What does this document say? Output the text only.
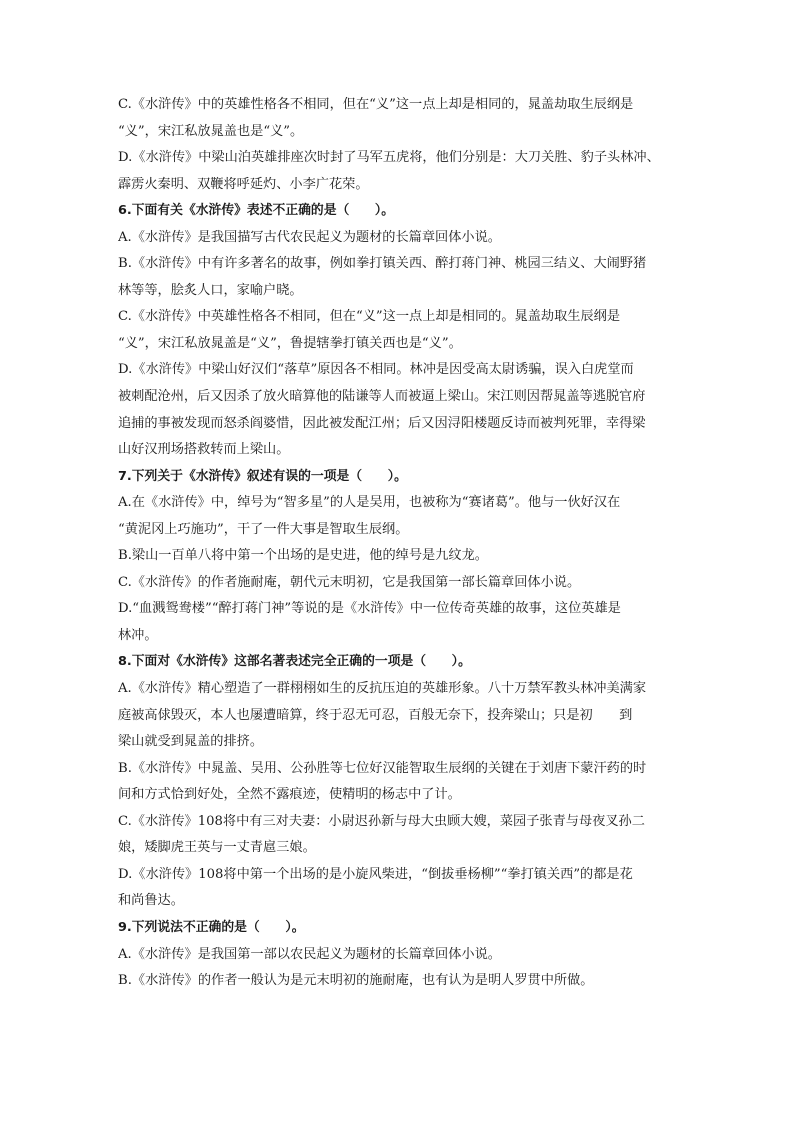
C.《水浒传》中的英雄性格各不相同，但在“义”这一点上却是相同的，晁盖劫取生辰纲是
“义”，宋江私放晁盖也是“义”。
D.《水浒传》中梁山泊英雄排座次时封了马军五虎将，他们分别是：大刀关胜、豹子头林冲、
霹雳火秦明、双鞭将呼延灼、小李广花荣。
6.下面有关《水浒传》表述不正确的是（　　）。
A.《水浒传》是我国描写古代农民起义为题材的长篇章回体小说。
B.《水浒传》中有许多著名的故事，例如拳打镇关西、醉打蒋门神、桃园三结义、大闹野猪
林等等，脍炙人口，家喻户晓。
C.《水浒传》中英雄性格各不相同，但在“义”这一点上却是相同的。晁盖劫取生辰纲是
“义”，宋江私放晁盖是“义”，鲁提辖拳打镇关西也是“义”。
D.《水浒传》中梁山好汉们“落草”原因各不相同。林冲是因受高太尉诱骗，误入白虎堂而
被刺配沧州，后又因杀了放火暗算他的陆谦等人而被逼上梁山。宋江则因帮晁盖等逃脱官府
追捕的事被发现而怒杀阎婆惜，因此被发配江州；后又因浔阳楼题反诗而被判死罪，幸得梁
山好汉刑场搭救转而上梁山。
7.下列关于《水浒传》叙述有误的一项是（　　）。
A.在《水浒传》中，绰号为“智多星”的人是吴用，也被称为“赛诸葛”。他与一伙好汉在
“黄泥冈上巧施功”，干了一件大事是智取生辰纲。
B.梁山一百单八将中第一个出场的是史进，他的绰号是九纹龙。
C.《水浒传》的作者施耐庵，朝代元末明初，它是我国第一部长篇章回体小说。
D.“血溅鸳鸯楼”“醉打蒋门神”等说的是《水浒传》中一位传奇英雄的故事，这位英雄是
林冲。
8.下面对《水浒传》这部名著表述完全正确的一项是（　　）。
A.《水浒传》精心塑造了一群栩栩如生的反抗压迫的英雄形象。八十万禁军教头林冲美满家
庭被高俅毁灭，本人也屡遭暗算，终于忍无可忍，百般无奈下，投奔梁山；只是初　　到
梁山就受到晁盖的排挤。
B.《水浒传》中晁盖、吴用、公孙胜等七位好汉能智取生辰纲的关键在于刘唐下蒙汗药的时
间和方式恰到好处，全然不露痕迹，使精明的杨志中了计。
C.《水浒传》108将中有三对夫妻：小尉迟孙新与母大虫顾大嫂，菜园子张青与母夜叉孙二
娘，矮脚虎王英与一丈青扈三娘。
D.《水浒传》108将中第一个出场的是小旋风柴进，“倒拔垂杨柳”“拳打镇关西”的都是花
和尚鲁达。
9.下列说法不正确的是（　　）。
A.《水浒传》是我国第一部以农民起义为题材的长篇章回体小说。
B.《水浒传》的作者一般认为是元末明初的施耐庵，也有认为是明人罗贯中所做。
